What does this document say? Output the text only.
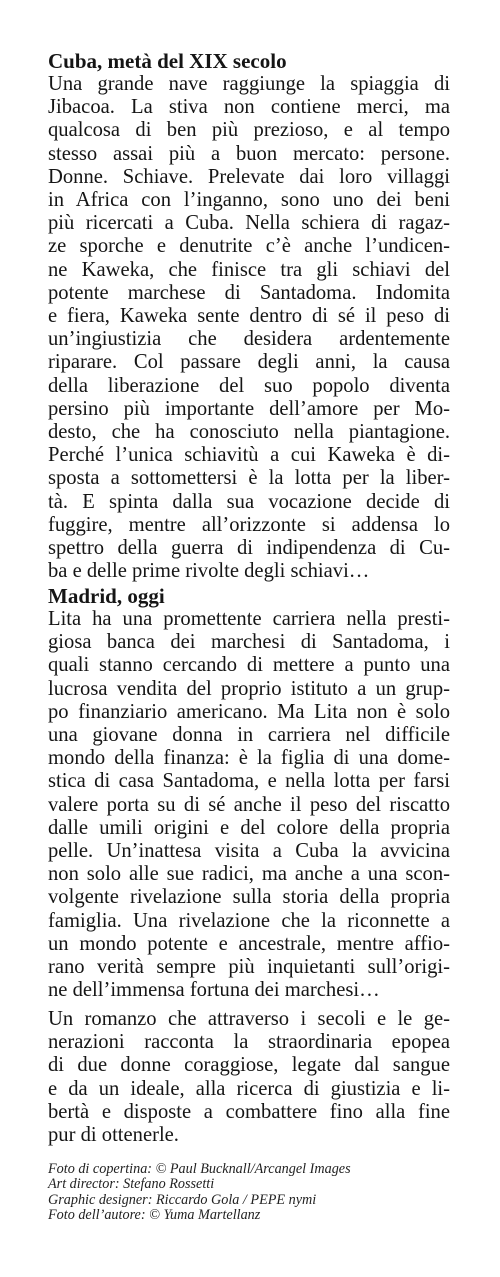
Cuba, metà del XIX secolo
Una grande nave raggiunge la spiaggia di
Jibacoa. La stiva non contiene merci, ma
qualcosa di ben più prezioso, e al tempo
stesso assai più a buon mercato: persone.
Donne. Schiave. Prelevate dai loro villaggi
in Africa con l’inganno, sono uno dei beni
più ricercati a Cuba. Nella schiera di ragaz-
ze sporche e denutrite c’è anche l’undicen-
ne Kaweka, che finisce tra gli schiavi del
potente marchese di Santadoma. Indomita
e fiera, Kaweka sente dentro di sé il peso di
un’ingiustizia che desidera ardentemente
riparare. Col passare degli anni, la causa
della liberazione del suo popolo diventa
persino più importante dell’amore per Mo-
desto, che ha conosciuto nella piantagione.
Perché l’unica schiavitù a cui Kaweka è di-
sposta a sottomettersi è la lotta per la liber-
tà. E spinta dalla sua vocazione decide di
fuggire, mentre all’orizzonte si addensa lo
spettro della guerra di indipendenza di Cu-
ba e delle prime rivolte degli schiavi…
Madrid, oggi
Lita ha una promettente carriera nella presti-
giosa banca dei marchesi di Santadoma, i
quali stanno cercando di mettere a punto una
lucrosa vendita del proprio istituto a un grup-
po finanziario americano. Ma Lita non è solo
una giovane donna in carriera nel difficile
mondo della finanza: è la figlia di una dome-
stica di casa Santadoma, e nella lotta per farsi
valere porta su di sé anche il peso del riscatto
dalle umili origini e del colore della propria
pelle. Un’inattesa visita a Cuba la avvicina
non solo alle sue radici, ma anche a una scon-
volgente rivelazione sulla storia della propria
famiglia. Una rivelazione che la riconnette a
un mondo potente e ancestrale, mentre affio-
rano verità sempre più inquietanti sull’origi-
ne dell’immensa fortuna dei marchesi…
Un romanzo che attraverso i secoli e le ge-
nerazioni racconta la straordinaria epopea
di due donne coraggiose, legate dal sangue
e da un ideale, alla ricerca di giustizia e li-
bertà e disposte a combattere fino alla fine
pur di ottenerle.
Foto di copertina: © Paul Bucknall/Arcangel Images
Art director: Stefano Rossetti
Graphic designer: Riccardo Gola / PEPE nymi
Foto dell’autore: © Yuma Martellanz
